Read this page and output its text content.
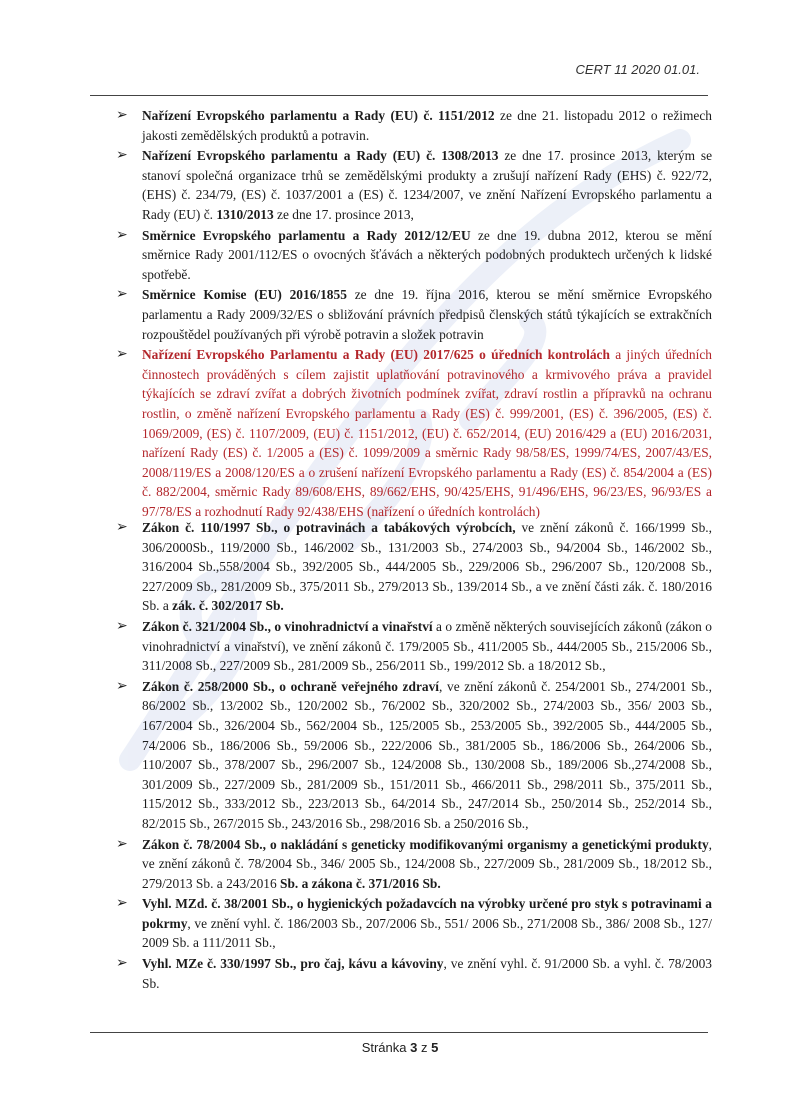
CERT 11 2020 01.01.
➢ Nařízení Evropského parlamentu a Rady (EU) č. 1151/2012 ze dne 21. listopadu 2012 o režimech jakosti zemědělských produktů a potravin.
➢ Nařízení Evropského parlamentu a Rady (EU) č. 1308/2013 ze dne 17. prosince 2013, kterým se stanoví společná organizace trhů se zemědělskými produkty a zrušují nařízení Rady (EHS) č. 922/72, (EHS) č. 234/79, (ES) č. 1037/2001 a (ES) č. 1234/2007, ve znění Nařízení Evropského parlamentu a Rady (EU) č. 1310/2013 ze dne 17. prosince 2013,
➢ Směrnice Evropského parlamentu a Rady 2012/12/EU ze dne 19. dubna 2012, kterou se mění směrnice Rady 2001/112/ES o ovocných šťávách a některých podobných produktech určených k lidské spotřebě.
➢ Směrnice Komise (EU) 2016/1855 ze dne 19. října 2016, kterou se mění směrnice Evropského parlamentu a Rady 2009/32/ES o sbližování právních předpisů členských států týkajících se extrakčních rozpouštědel používaných při výrobě potravin a složek potravin
➢ Nařízení Evropského Parlamentu a Rady (EU) 2017/625 o úředních kontrolách a jiných úředních činnostech prováděných s cílem zajistit uplatňování potravinového a krmivového práva a pravidel týkajících se zdraví zvířat a dobrých životních podmínek zvířat, zdraví rostlin a přípravků na ochranu rostlin, o změně nařízení Evropského parlamentu a Rady (ES) č. 999/2001, (ES) č. 396/2005, (ES) č. 1069/2009, (ES) č. 1107/2009, (EU) č. 1151/2012, (EU) č. 652/2014, (EU) 2016/429 a (EU) 2016/2031, nařízení Rady (ES) č. 1/2005 a (ES) č. 1099/2009 a směrnic Rady 98/58/ES, 1999/74/ES, 2007/43/ES, 2008/119/ES a 2008/120/ES a o zrušení nařízení Evropského parlamentu a Rady (ES) č. 854/2004 a (ES) č. 882/2004, směrnic Rady 89/608/EHS, 89/662/EHS, 90/425/EHS, 91/496/EHS, 96/23/ES, 96/93/ES a 97/78/ES a rozhodnutí Rady 92/438/EHS (nařízení o úředních kontrolách)
➢ Zákon č. 110/1997 Sb., o potravinách a tabákových výrobcích, ve znění zákonů č. 166/1999 Sb., 306/2000Sb., 119/2000 Sb., 146/2002 Sb., 131/2003 Sb., 274/2003 Sb., 94/2004 Sb., 146/2002 Sb., 316/2004 Sb.,558/2004 Sb., 392/2005 Sb., 444/2005 Sb., 229/2006 Sb., 296/2007 Sb., 120/2008 Sb., 227/2009 Sb., 281/2009 Sb., 375/2011 Sb., 279/2013 Sb., 139/2014 Sb., a ve znění části zák. č. 180/2016 Sb. a zák. č. 302/2017 Sb.
➢ Zákon č. 321/2004 Sb., o vinohradnictví a vinařství a o změně některých souvisejících zákonů (zákon o vinohradnictví a vinařství), ve znění zákonů č. 179/2005 Sb., 411/2005 Sb., 444/2005 Sb., 215/2006 Sb., 311/2008 Sb., 227/2009 Sb., 281/2009 Sb., 256/2011 Sb., 199/2012 Sb. a 18/2012 Sb.,
➢ Zákon č. 258/2000 Sb., o ochraně veřejného zdraví, ve znění zákonů č. 254/2001 Sb., 274/2001 Sb., 86/2002 Sb., 13/2002 Sb., 120/2002 Sb., 76/2002 Sb., 320/2002 Sb., 274/2003 Sb., 356/ 2003 Sb., 167/2004 Sb., 326/2004 Sb., 562/2004 Sb., 125/2005 Sb., 253/2005 Sb., 392/2005 Sb., 444/2005 Sb., 74/2006 Sb., 186/2006 Sb., 59/2006 Sb., 222/2006 Sb., 381/2005 Sb., 186/2006 Sb., 264/2006 Sb., 110/2007 Sb., 378/2007 Sb., 296/2007 Sb., 124/2008 Sb., 130/2008 Sb., 189/2006 Sb.,274/2008 Sb., 301/2009 Sb., 227/2009 Sb., 281/2009 Sb., 151/2011 Sb., 466/2011 Sb., 298/2011 Sb., 375/2011 Sb., 115/2012 Sb., 333/2012 Sb., 223/2013 Sb., 64/2014 Sb., 247/2014 Sb., 250/2014 Sb., 252/2014 Sb., 82/2015 Sb., 267/2015 Sb., 243/2016 Sb., 298/2016 Sb. a 250/2016 Sb.,
➢ Zákon č. 78/2004 Sb., o nakládání s geneticky modifikovanými organismy a genetickými produkty, ve znění zákonů č. 78/2004 Sb., 346/ 2005 Sb., 124/2008 Sb., 227/2009 Sb., 281/2009 Sb., 18/2012 Sb., 279/2013 Sb. a 243/2016 Sb. a zákona č. 371/2016 Sb.
➢ Vyhl. MZd. č. 38/2001 Sb., o hygienických požadavcích na výrobky určené pro styk s potravinami a pokrmy, ve znění vyhl. č. 186/2003 Sb., 207/2006 Sb., 551/ 2006 Sb., 271/2008 Sb., 386/ 2008 Sb., 127/ 2009 Sb. a 111/2011 Sb.,
➢ Vyhl. MZe č. 330/1997 Sb., pro čaj, kávu a kávoviny, ve znění vyhl. č. 91/2000 Sb. a vyhl. č. 78/2003 Sb.
Stránka 3 z 5
